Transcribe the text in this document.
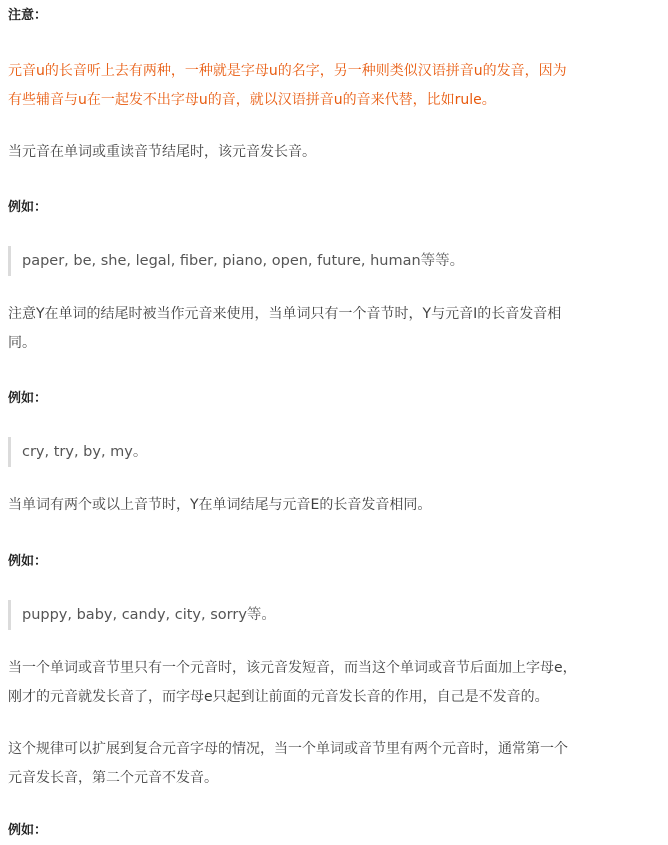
注意：

元音u的长音听上去有两种，一种就是字母u的名字，另一种则类似汉语拼音u的发音，因为

有些辅音与u在一起发不出字母u的音，就以汉语拼音u的音来代替，比如rule。

当元音在单词或重读音节结尾时，该元音发长音。

例如：

paper, be, she, legal, fiber, piano, open, future, human等等。

注意Y在单词的结尾时被当作元音来使用，当单词只有一个音节时，Y与元音I的长音发音相

同。

例如：

cry, try, by, my。

当单词有两个或以上音节时，Y在单词结尾与元音E的长音发音相同。

例如：

puppy, baby, candy, city, sorry等。

当一个单词或音节里只有一个元音时，该元音发短音，而当这个单词或音节后面加上字母e，

刚才的元音就发长音了，而字母e只起到让前面的元音发长音的作用，自己是不发音的。

这个规律可以扩展到复合元音字母的情况，当一个单词或音节里有两个元音时，通常第一个

元音发长音，第二个元音不发音。

例如：
